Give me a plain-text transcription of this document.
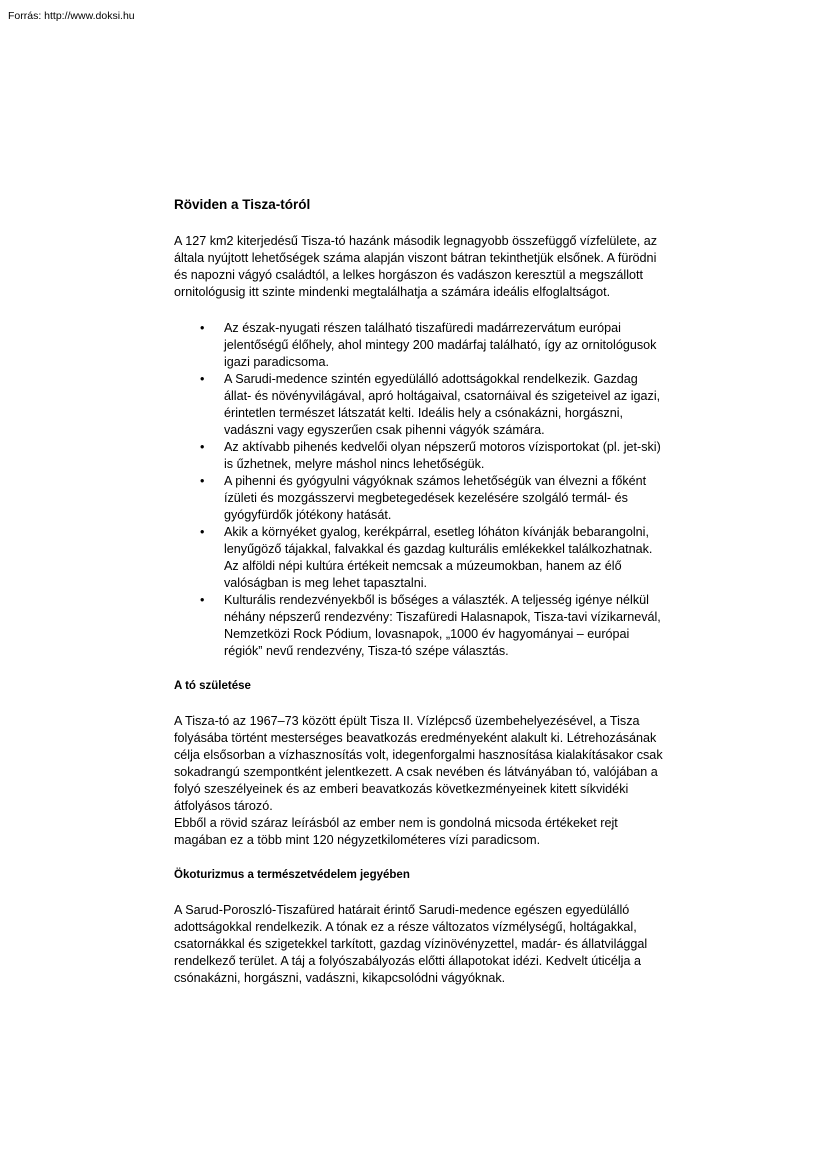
Forrás: http://www.doksi.hu
Röviden a Tisza-tóról

A 127 km2 kiterjedésű Tisza-tó hazánk második legnagyobb összefüggő vízfelülete, az általa nyújtott lehetőségek száma alapján viszont bátran tekinthetjük elsőnek. A fürödni és napozni vágyó családtól, a lelkes horgászon és vadászon keresztül a megszállott ornitológusig itt szinte mindenki megtalálhatja a számára ideális elfoglaltságot.

• Az észak-nyugati részen található tiszafüredi madárrezervátum európai jelentőségű élőhely, ahol mintegy 200 madárfaj található, így az ornitológusok igazi paradicsoma.
• A Sarudi-medence szintén egyedülálló adottságokkal rendelkezik. Gazdag állat- és növényvilágával, apró holtágaival, csatornáival és szigeteivel az igazi, érintetlen természet látszatát kelti. Ideális hely a csónakázni, horgászni, vadászni vagy egyszerűen csak pihenni vágyók számára.
• Az aktívabb pihenés kedvelői olyan népszerű motoros vízisportokat (pl. jet-ski) is űzhetnek, melyre máshol nincs lehetőségük.
• A pihenni és gyógyulni vágyóknak számos lehetőségük van élvezni a főként ízületi és mozgásszervi megbetegedések kezelésére szolgáló termál- és gyógyfürdők jótékony hatását.
• Akik a környéket gyalog, kerékpárral, esetleg lóháton kívánják bebarangolni, lenyűgöző tájakkal, falvakkal és gazdag kulturális emlékekkel találkozhatnak. Az alföldi népi kultúra értékeit nemcsak a múzeumokban, hanem az élő valóságban is meg lehet tapasztalni.
• Kulturális rendezvényekből is bőséges a választék. A teljesség igénye nélkül néhány népszerű rendezvény: Tiszafüredi Halasnapok, Tisza-tavi vízikarnevál, Nemzetközi Rock Pódium, lovasnapok, „1000 év hagyományai – európai régiók” nevű rendezvény, Tisza-tó szépe választás.
A tó születése

A Tisza-tó az 1967–73 között épült Tisza II. Vízlépcső üzembehelyezésével, a Tisza folyásába történt mesterséges beavatkozás eredményeként alakult ki. Létrehozásának célja elsősorban a vízhasznosítás volt, idegenforgalmi hasznosítása kialakításakor csak sokadrangú szempontként jelentkezett. A csak nevében és látványában tó, valójában a folyó szeszélyeinek és az emberi beavatkozás következményeinek kitett síkvidéki átfolyásos tározó.

Ebből a rövid száraz leírásból az ember nem is gondolná micsoda értékeket rejt magában ez a több mint 120 négyzetkilométeres vízi paradicsom.

Ökoturizmus a természetvédelem jegyében

A Sarud-Poroszló-Tiszafüred határait érintő Sarudi-medence egészen egyedülálló adottságokkal rendelkezik. A tónak ez a része változatos vízmélységű, holtágakkal, csatornákkal és szigetekkel tarkított, gazdag vízinövényzettel, madár- és állatvilággal rendelkező terület. A táj a folyószabályozás előtti állapotokat idézi. Kedvelt úticélja a csónakázni, horgászni, vadászni, kikapcsolódni vágyóknak.
